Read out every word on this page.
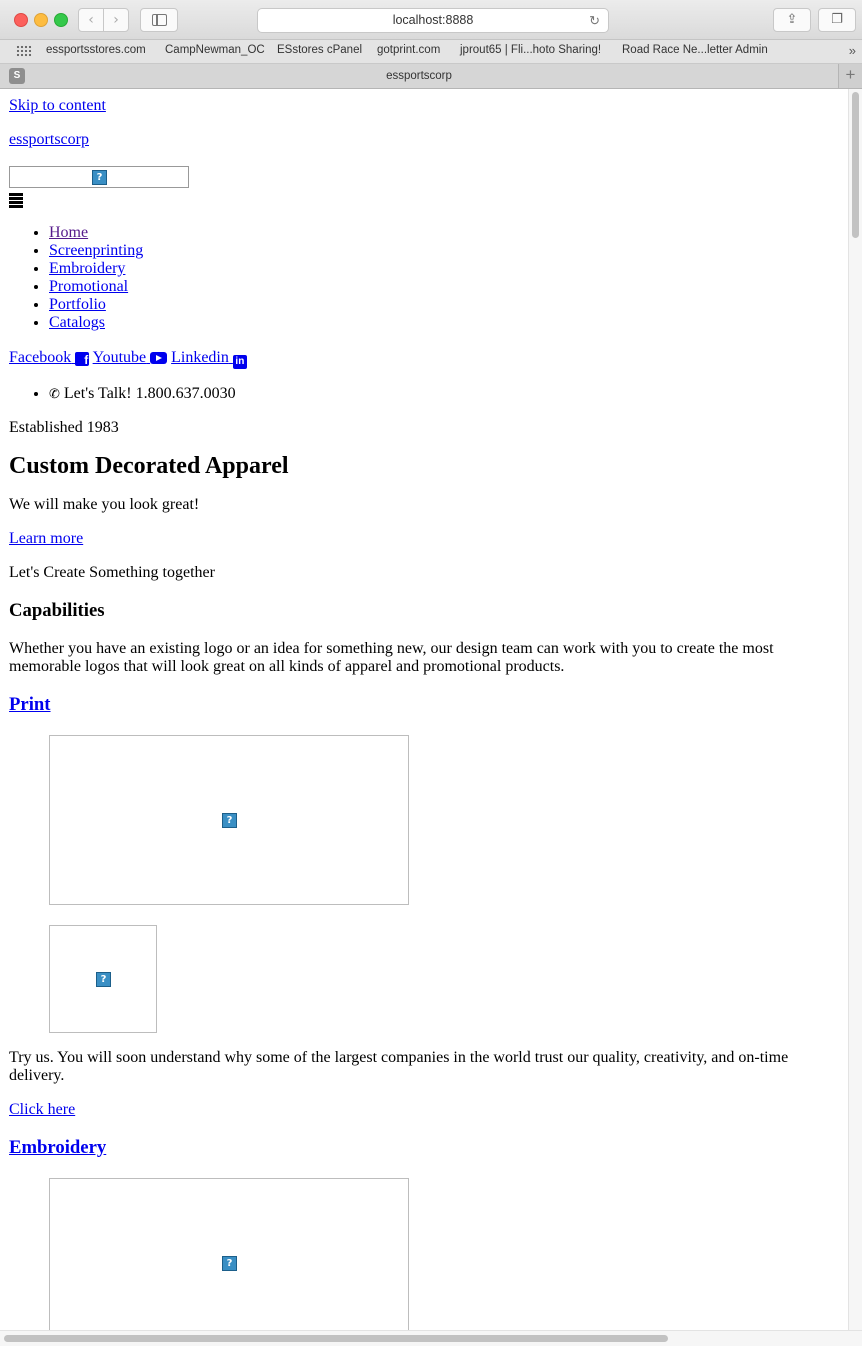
‹	›	localhost:8888	↻	⇪	❐
essportsstores.com CampNewman_OC ESstores cPanel gotprint.com jprout65 | Fli...hoto Sharing! Road Race Ne...letter Admin	»
S	essportscorp	+

Skip to content

essportscorp

?
• Home
• Screenprinting
• Embroidery
• Promotional
• Portfolio
• Catalogs

Facebook f Youtube Linkedin in

• ✆ Let's Talk! 1.800.637.0030

Established 1983

Custom Decorated Apparel

We will make you look great!

Learn more

Let's Create Something together

Capabilities

Whether you have an existing logo or an idea for something new, our design team can work with you to create the most memorable logos that will look great on all kinds of apparel and promotional products.

Print
?
?

Try us. You will soon understand why some of the largest companies in the world trust our quality, creativity, and on-time delivery.

Click here

Embroidery
?
